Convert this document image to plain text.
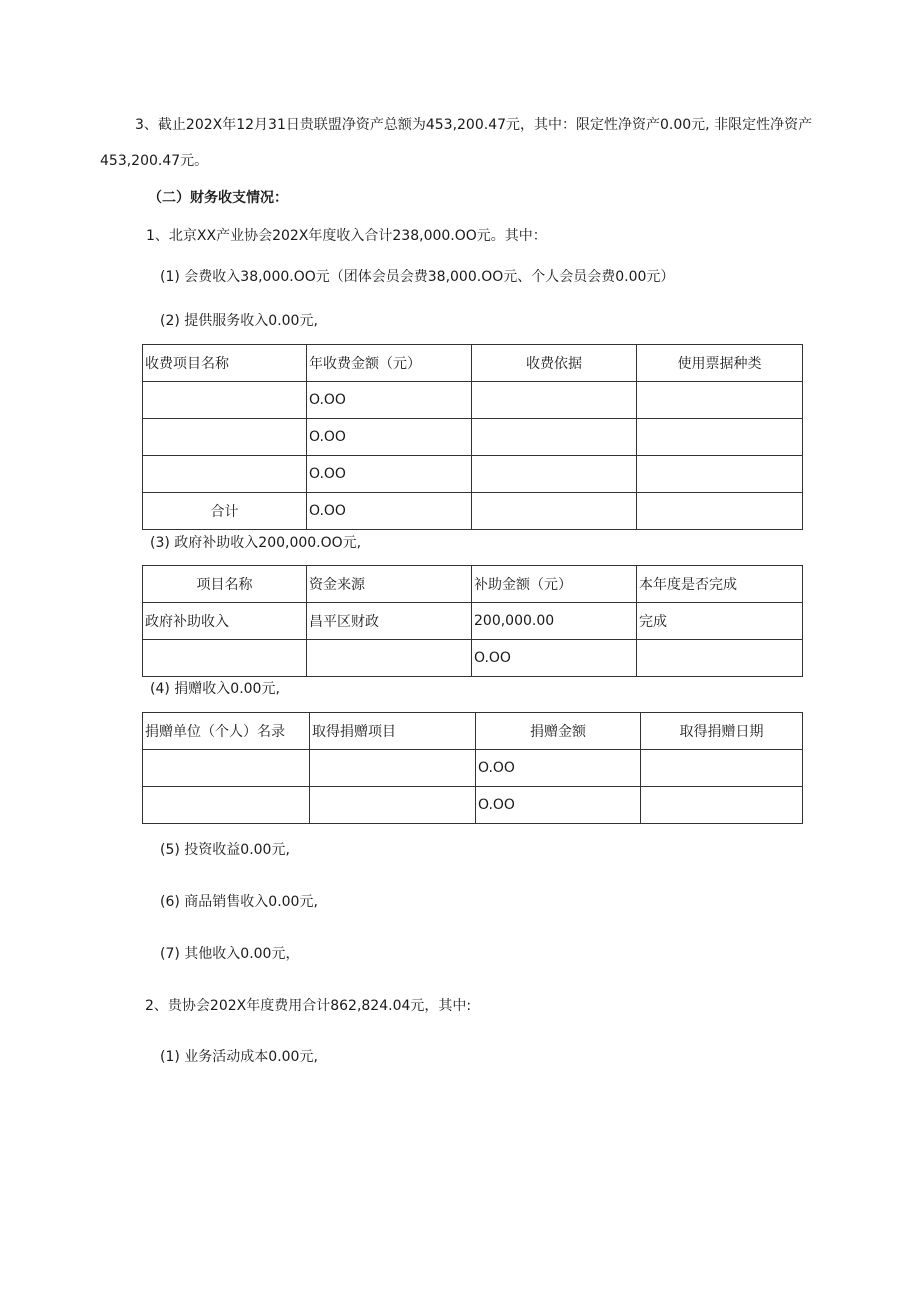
3、截止202X年12月31日贵联盟净资产总额为453,200.47元，其中：限定性净资产0.00元, 非限定性净资产
453,200.47元。
（二）财务收支情况：
1、北京XX产业协会202X年度收入合计238,000.OO元。其中：
(1) 会费收入38,000.OO元（团体会员会费38,000.OO元、个人会员会费0.00元）
(2) 提供服务收入0.00元,
收费项目名称	年收费金额（元）	收费依据	使用票据种类
	O.OO		
	O.OO		
	O.OO		
合计	O.OO		
(3) 政府补助收入200,000.OO元,
项目名称	资金来源	补助金额（元）	本年度是否完成
政府补助收入	昌平区财政	200,000.00	完成
		O.OO	
(4) 捐赠收入0.00元,
捐赠单位（个人）名录	取得捐赠项目	捐赠金额	取得捐赠日期
		O.OO	
		O.OO	
(5) 投资收益0.00元,
(6) 商品销售收入0.00元,
(7) 其他收入0.00元，
2、贵协会202X年度费用合计862,824.04元，其中:
(1) 业务活动成本0.00元,
